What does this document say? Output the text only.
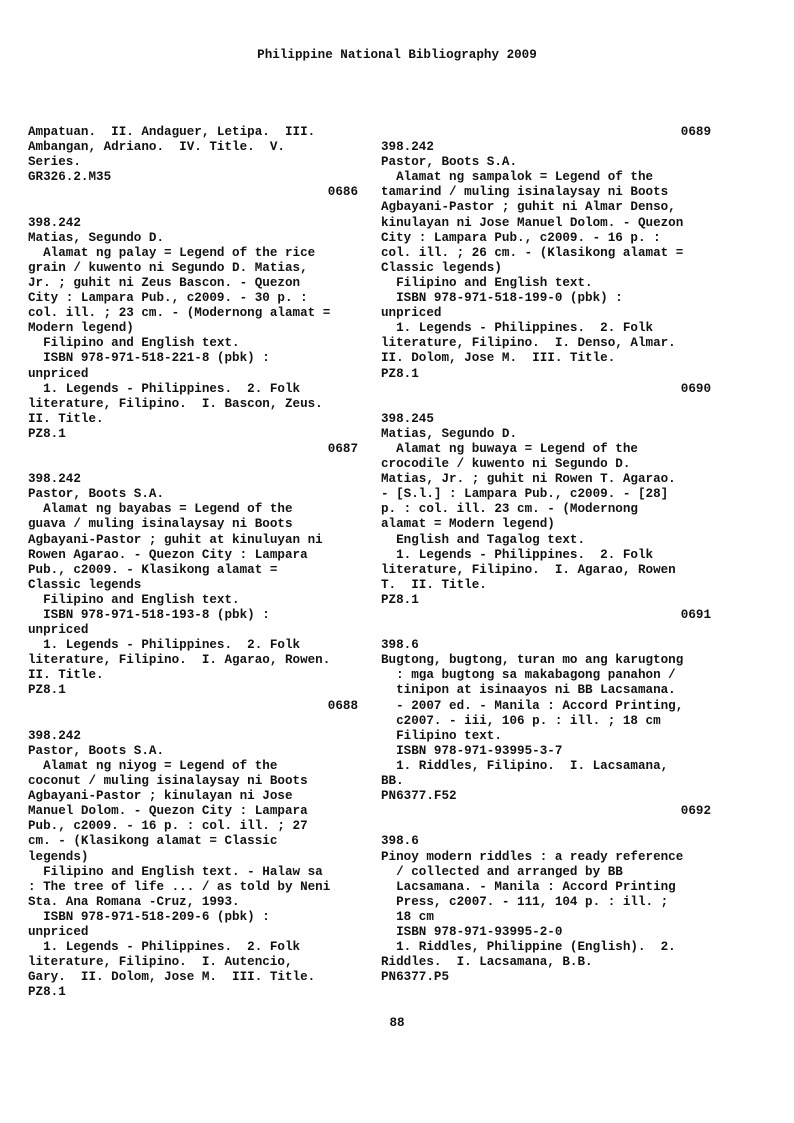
Philippine National Bibliography 2009
Ampatuan.  II. Andaguer, Letipa.  III.
Ambangan, Adriano.  IV. Title.  V.
Series.
GR326.2.M35
0686
398.242
Matias, Segundo D.
Alamat ng palay = Legend of the rice
grain / kuwento ni Segundo D. Matias,
Jr. ; guhit ni Zeus Bascon. - Quezon
City : Lampara Pub., c2009. - 30 p. :
col. ill. ; 23 cm. - (Modernong alamat =
Modern legend)
Filipino and English text.
ISBN 978-971-518-221-8 (pbk) :
unpriced
1. Legends - Philippines.  2. Folk
literature, Filipino.  I. Bascon, Zeus.
II. Title.
PZ8.1
0687
398.242
Pastor, Boots S.A.
Alamat ng bayabas = Legend of the
guava / muling isinalaysay ni Boots
Agbayani-Pastor ; guhit at kinuluyan ni
Rowen Agarao. - Quezon City : Lampara
Pub., c2009. - Klasikong alamat =
Classic legends
Filipino and English text.
ISBN 978-971-518-193-8 (pbk) :
unpriced
1. Legends - Philippines.  2. Folk
literature, Filipino.  I. Agarao, Rowen.
II. Title.
PZ8.1
0688
398.242
Pastor, Boots S.A.
Alamat ng niyog = Legend of the
coconut / muling isinalaysay ni Boots
Agbayani-Pastor ; kinulayan ni Jose
Manuel Dolom. - Quezon City : Lampara
Pub., c2009. - 16 p. : col. ill. ; 27
cm. - (Klasikong alamat = Classic
legends)
Filipino and English text. - Halaw sa
: The tree of life ... / as told by Neni
Sta. Ana Romana -Cruz, 1993.
ISBN 978-971-518-209-6 (pbk) :
unpriced
1. Legends - Philippines.  2. Folk
literature, Filipino.  I. Autencio,
Gary.  II. Dolom, Jose M.  III. Title.
PZ8.1
0689
398.242
Pastor, Boots S.A.
Alamat ng sampalok = Legend of the
tamarind / muling isinalaysay ni Boots
Agbayani-Pastor ; guhit ni Almar Denso,
kinulayan ni Jose Manuel Dolom. - Quezon
City : Lampara Pub., c2009. - 16 p. :
col. ill. ; 26 cm. - (Klasikong alamat =
Classic legends)
Filipino and English text.
ISBN 978-971-518-199-0 (pbk) :
unpriced
1. Legends - Philippines.  2. Folk
literature, Filipino.  I. Denso, Almar.
II. Dolom, Jose M.  III. Title.
PZ8.1
0690
398.245
Matias, Segundo D.
Alamat ng buwaya = Legend of the
crocodile / kuwento ni Segundo D.
Matias, Jr. ; guhit ni Rowen T. Agarao.
- [S.l.] : Lampara Pub., c2009. - [28]
p. : col. ill. 23 cm. - (Modernong
alamat = Modern legend)
English and Tagalog text.
1. Legends - Philippines.  2. Folk
literature, Filipino.  I. Agarao, Rowen
T.  II. Title.
PZ8.1
0691
398.6
Bugtong, bugtong, turan mo ang karugtong
: mga bugtong sa makabagong panahon /
tinipon at isinaayos ni BB Lacsamana.
- 2007 ed. - Manila : Accord Printing,
c2007. - iii, 106 p. : ill. ; 18 cm
Filipino text.
ISBN 978-971-93995-3-7
1. Riddles, Filipino.  I. Lacsamana,
BB.
PN6377.F52
0692
398.6
Pinoy modern riddles : a ready reference
/ collected and arranged by BB
Lacsamana. - Manila : Accord Printing
Press, c2007. - 111, 104 p. : ill. ;
18 cm
ISBN 978-971-93995-2-0
1. Riddles, Philippine (English).  2.
Riddles.  I. Lacsamana, B.B.
PN6377.P5
88
